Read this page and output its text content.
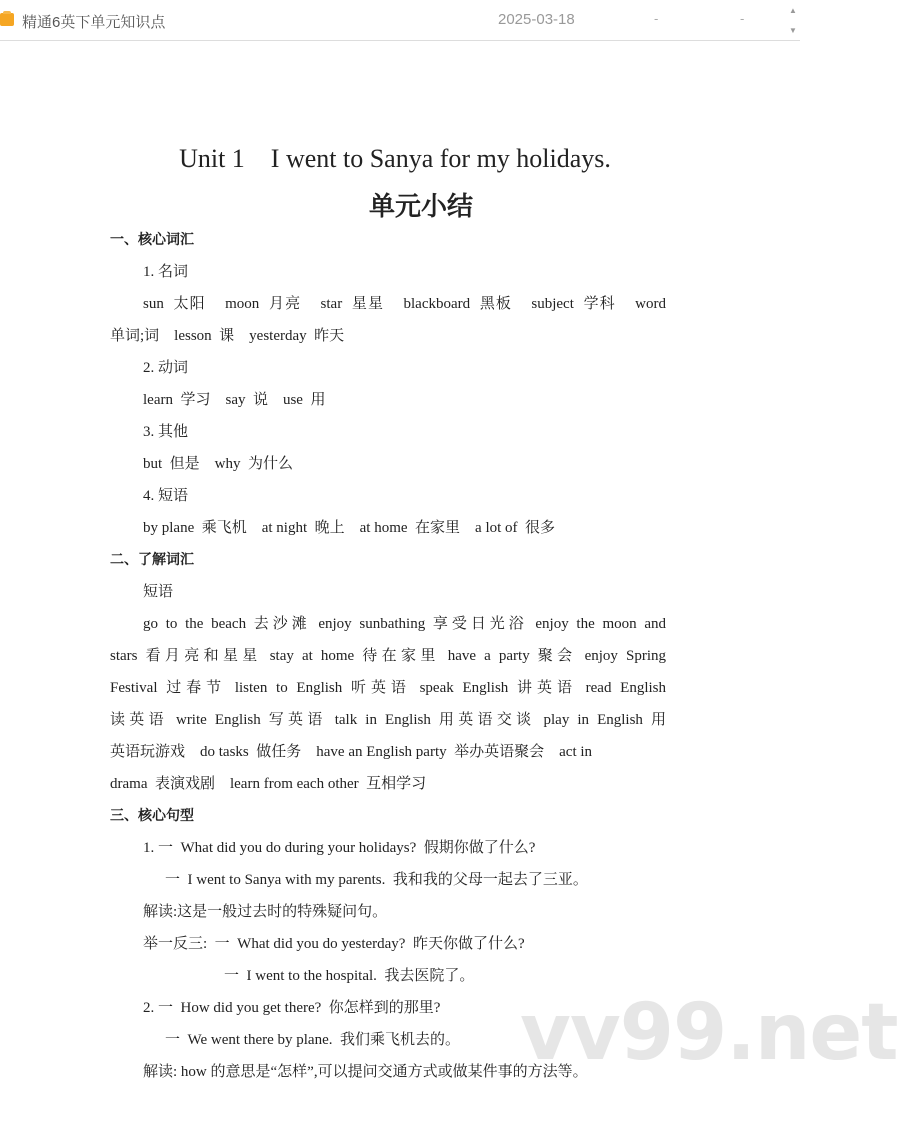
精通6英下单元知识点	2025-03-18	-	-
▲
▼
Unit 1    I went to Sanya for my holidays.
单元小结
一、核心词汇
1. 名词
sun  太阳    moon  月亮    star  星星    blackboard  黑板    subject  学科    word
单词;词    lesson  课    yesterday  昨天
2. 动词
learn  学习    say  说    use  用
3. 其他
but  但是    why  为什么
4. 短语
by plane  乘飞机    at night  晚上    at home  在家里    a lot of  很多
二、了解词汇
短语
go to the beach 去沙滩 enjoy sunbathing 享受日光浴 enjoy the moon and
stars 看月亮和星星 stay at home 待在家里 have a party 聚会 enjoy Spring
Festival 过春节 listen to English 听英语 speak English 讲英语 read English
读英语 write English 写英语 talk in English 用英语交谈 play in English 用
英语玩游戏    do tasks  做任务    have an English party  举办英语聚会    act in
drama  表演戏剧    learn from each other  互相学习
三、核心句型
1. 一  What did you do during your holidays?  假期你做了什么?
一  I went to Sanya with my parents.  我和我的父母一起去了三亚。
解读:这是一般过去时的特殊疑问句。
举一反三:  一  What did you do yesterday?  昨天你做了什么?
一  I went to the hospital.  我去医院了。
2. 一  How did you get there?  你怎样到的那里?
一  We went there by plane.  我们乘飞机去的。
解读: how 的意思是“怎样”,可以提问交通方式或做某件事的方法等。
vv99.net
